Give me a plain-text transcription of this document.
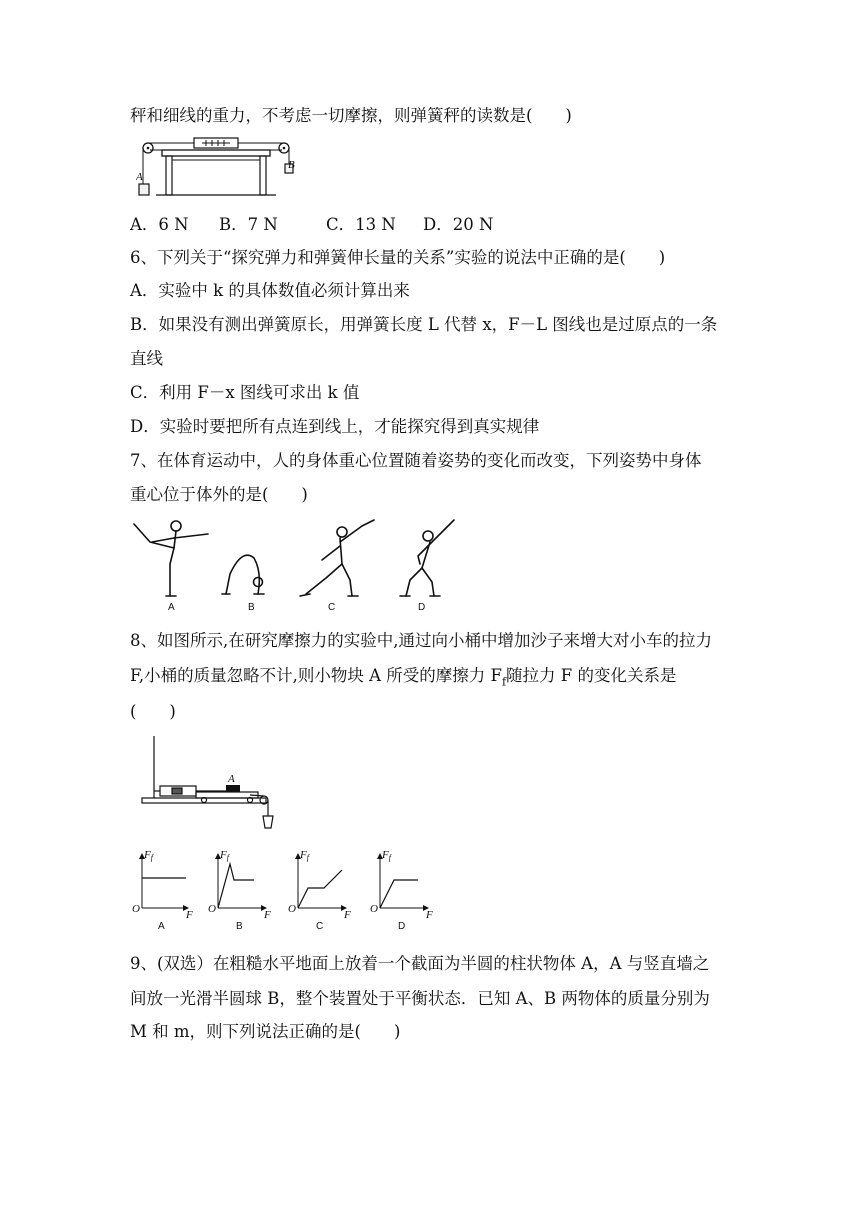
秤和细线的重力，不考虑一切摩擦，则弹簧秤的读数是(　　)
A
B
A．6 N B．7 N	C．13 N D．20 N
6、下列关于“探究弹力和弹簧伸长量的关系”实验的说法中正确的是(　　)
A．实验中 k 的具体数值必须计算出来
B．如果没有测出弹簧原长，用弹簧长度 L 代替 x，F－L 图线也是过原点的一条
直线
C．利用 F－x 图线可求出 k 值
D．实验时要把所有点连到线上，才能探究得到真实规律
7、在体育运动中，人的身体重心位置随着姿势的变化而改变，下列姿势中身体
重心位于体外的是(　　)
A	B	C	D
8、如图所示,在研究摩擦力的实验中,通过向小桶中增加沙子来增大对小车的拉力
F,小桶的质量忽略不计,则小物块 A 所受的摩擦力 $F_f$随拉力 F 的变化关系是
(　　)
A
Ff	Ff	Ff	Ff
F	F	F	F
O	O	O	O
A	B	C	D
9、(双选）在粗糙水平地面上放着一个截面为半圆的柱状物体 A，A 与竖直墙之
间放一光滑半圆球 B，整个装置处于平衡状态．已知 A、B 两物体的质量分别为
M 和 m，则下列说法正确的是(　　)
